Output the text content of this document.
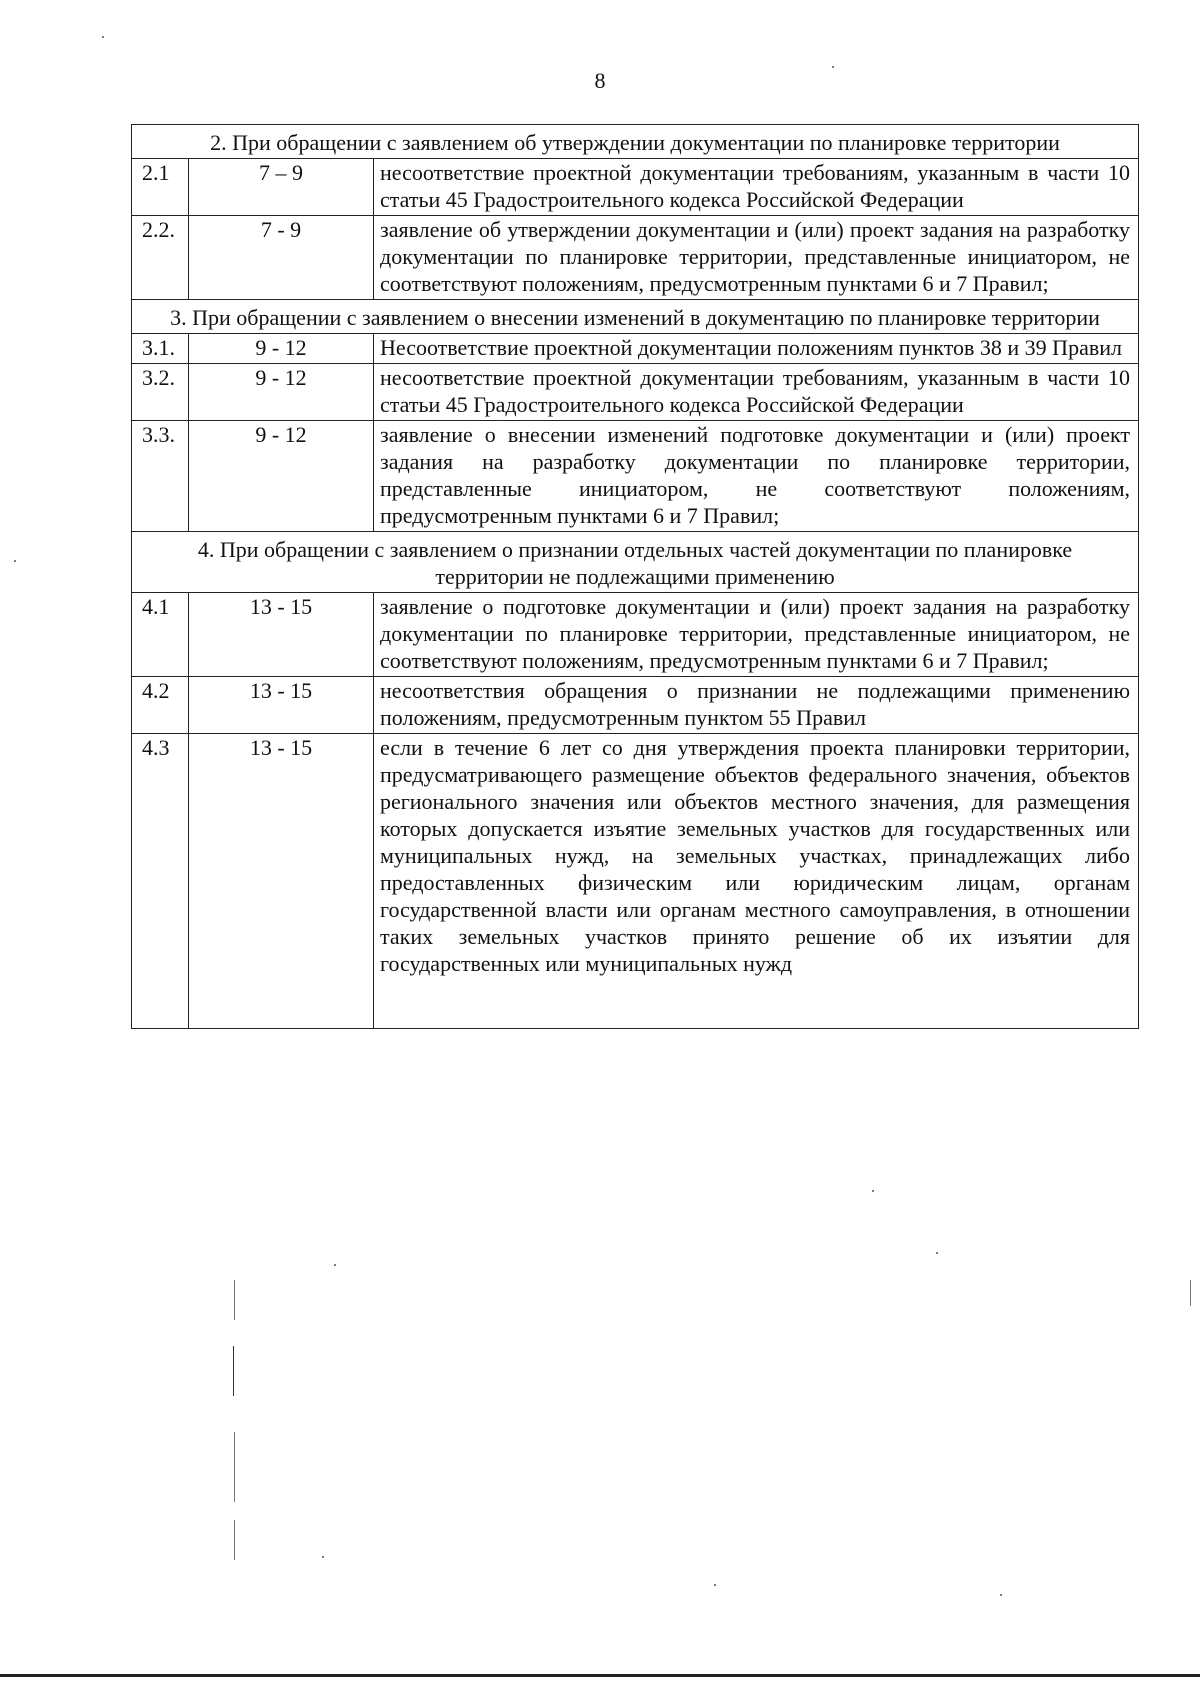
8
2. При обращении с заявлением об утверждении документации по планировке территории		
2.1	7 – 9	несоответствие проектной документации требованиям, указанным в части 10 статьи 45 Градостроительного кодекса Российской Федерации
2.2.	7 - 9	заявление об утверждении документации и (или) проект задания на разработку документации по планировке территории, представленные инициатором, не соответствуют положениям, предусмотренным пунктами 6 и 7 Правил;
3. При обращении с заявлением о внесении изменений в документацию по планировке территории		
3.1.	9 - 12	Несоответствие проектной документации положениям пунктов 38 и 39 Правил
3.2.	9 - 12	несоответствие проектной документации требованиям, указанным в части 10 статьи 45 Градостроительного кодекса Российской Федерации
3.3.	9 - 12	заявление о внесении изменений подготовке документации и (или) проект задания на разработку документации по планировке территории, представленные инициатором, не соответствуют положениям, предусмотренным пунктами 6 и 7 Правил;
4. При обращении с заявлением о признании отдельных частей документации по планировке территории не подлежащими применению		
4.1	13 - 15	заявление о подготовке документации и (или) проект задания на разработку документации по планировке территории, представленные инициатором, не соответствуют положениям, предусмотренным пунктами 6 и 7 Правил;
4.2	13 - 15	несоответствия обращения о признании не подлежащими применению положениям, предусмотренным пунктом 55 Правил
4.3	13 - 15	если в течение 6 лет со дня утверждения проекта планировки территории, предусматривающего размещение объектов федерального значения, объектов регионального значения или объектов местного значения, для размещения которых допускается изъятие земельных участков для государственных или муниципальных нужд, на земельных участках, принадлежащих либо предоставленных физическим или юридическим лицам, органам государственной власти или органам местного самоуправления, в отношении таких земельных участков принято решение об их изъятии для государственных или муниципальных нужд
